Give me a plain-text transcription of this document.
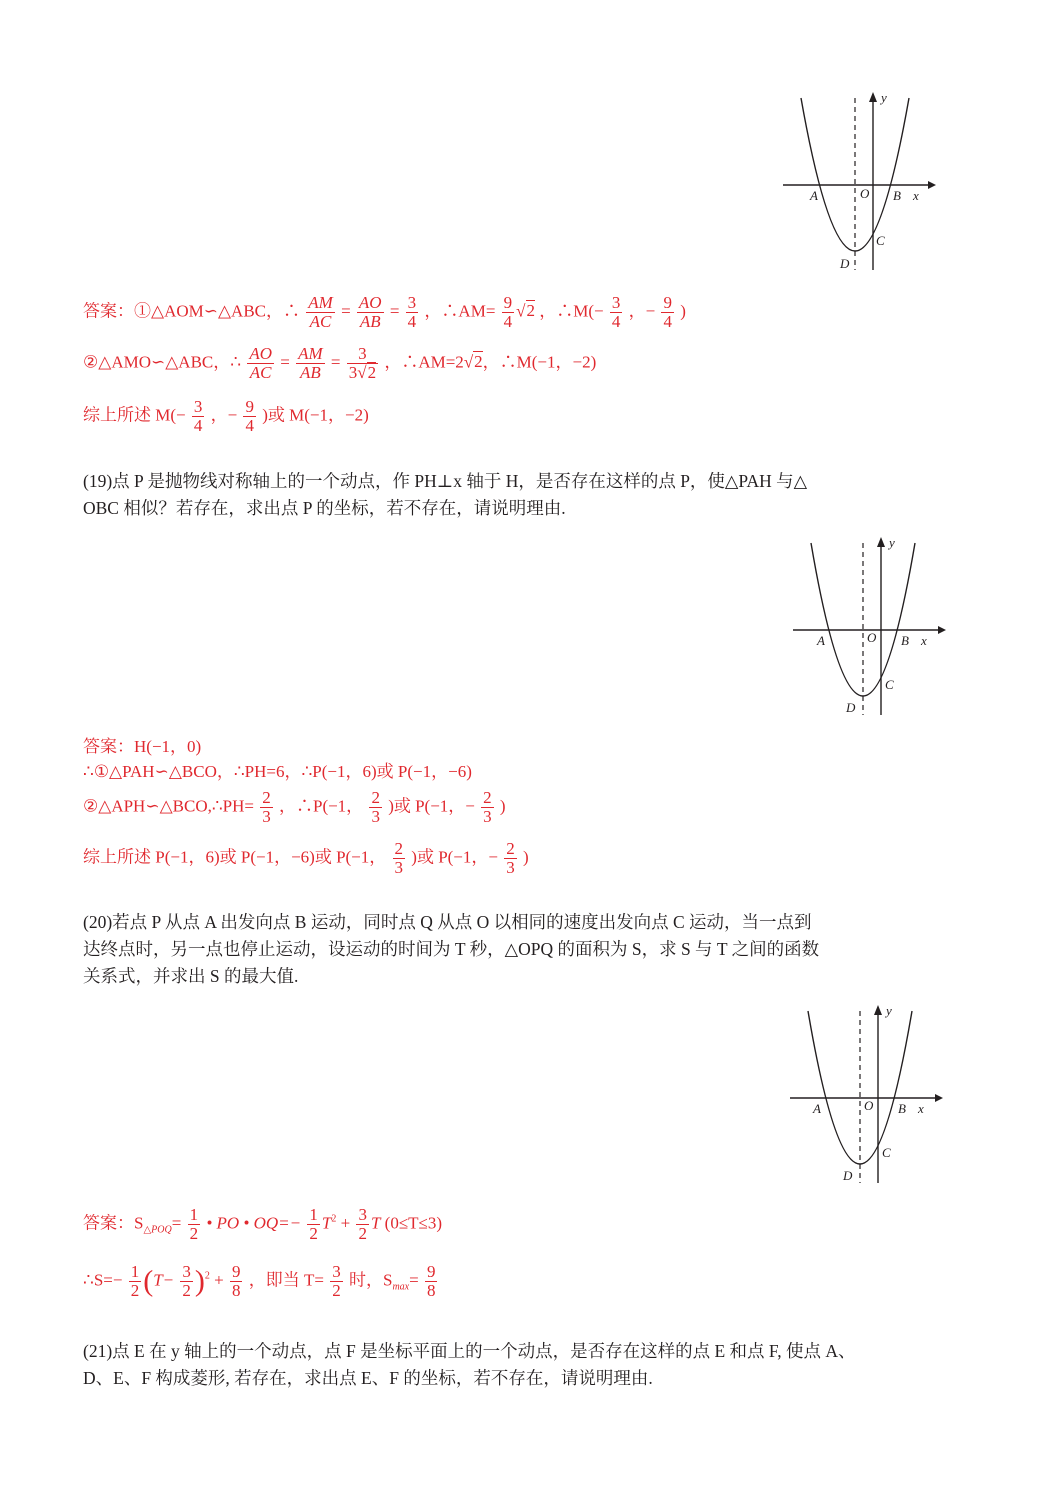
y
x
A	O B
C
D
答案：①△AOM∽△ABC，∴ $\frac{AM}{AC} = \frac{AO}{AB} = \frac{3}{4}$ ，∴AM= $\frac{9}{4} √2$ ，∴M(− $\frac{3}{4}$ ，− $\frac{9}{4}$ )
②△AMO∽△ABC，∴ $\frac{AO}{AC} = \frac{AM}{AB} = \frac{3}{3√2}$ ，∴AM=2√2，∴M(−1，−2)
综上所述 $M(- \frac{3}{4}$ ，− $\frac{9}{4}$ )或 M(−1，−2)

(19)点 P 是抛物线对称轴上的一个动点，作 PH⊥x 轴于 H，是否存在这样的点 P，使△PAH 与△

OBC 相似？若存在，求出点 P 的坐标，若不存在，请说明理由.

y
x
A	O B
C
D
答案：H(−1，0)
∴①△PAH∽△BCO，∴PH=6，∴P(−1，6)或 P(−1，−6)
②△APH∽△BCO,∴PH= $\frac{2}{3}$ ，∴P(−1， $\frac{2}{3}$ )或 P(−1，− $\frac{2}{3}$ )
综上所述 P(−1，6)或 P(−1，−6)或 P(−1， $\frac{2}{3}$ )或 P(−1，− $\frac{2}{3}$ )

(20)若点 P 从点 A 出发向点 B 运动，同时点 Q 从点 O 以相同的速度出发向点 C 运动，当一点到

达终点时，另一点也停止运动，设运动的时间为 T 秒，△OPQ 的面积为 S，求 S 与 T 之间的函数

关系式，并求出 S 的最大值.

y
x
A	O B
C
D
答案：$S_{\triangle POQ}= \frac{1}{2}$ • PO • $OQ=- \frac{1}{2} T^2 + \frac{3}{2}$ T (0≤T≤3)
∴S=− $\frac{1}{2} (T- \frac{3}{2} )^2 + \frac{9}{8}$ ，即当 $T= \frac{3}{2}$ 时，$S_{max}= \frac{9}{8}$

(21)点 E 在 y 轴上的一个动点，点 F 是坐标平面上的一个动点，是否存在这样的点 E 和点 F, 使点 A、

D、E、F 构成菱形, 若存在，求出点 E、F 的坐标，若不存在，请说明理由.
